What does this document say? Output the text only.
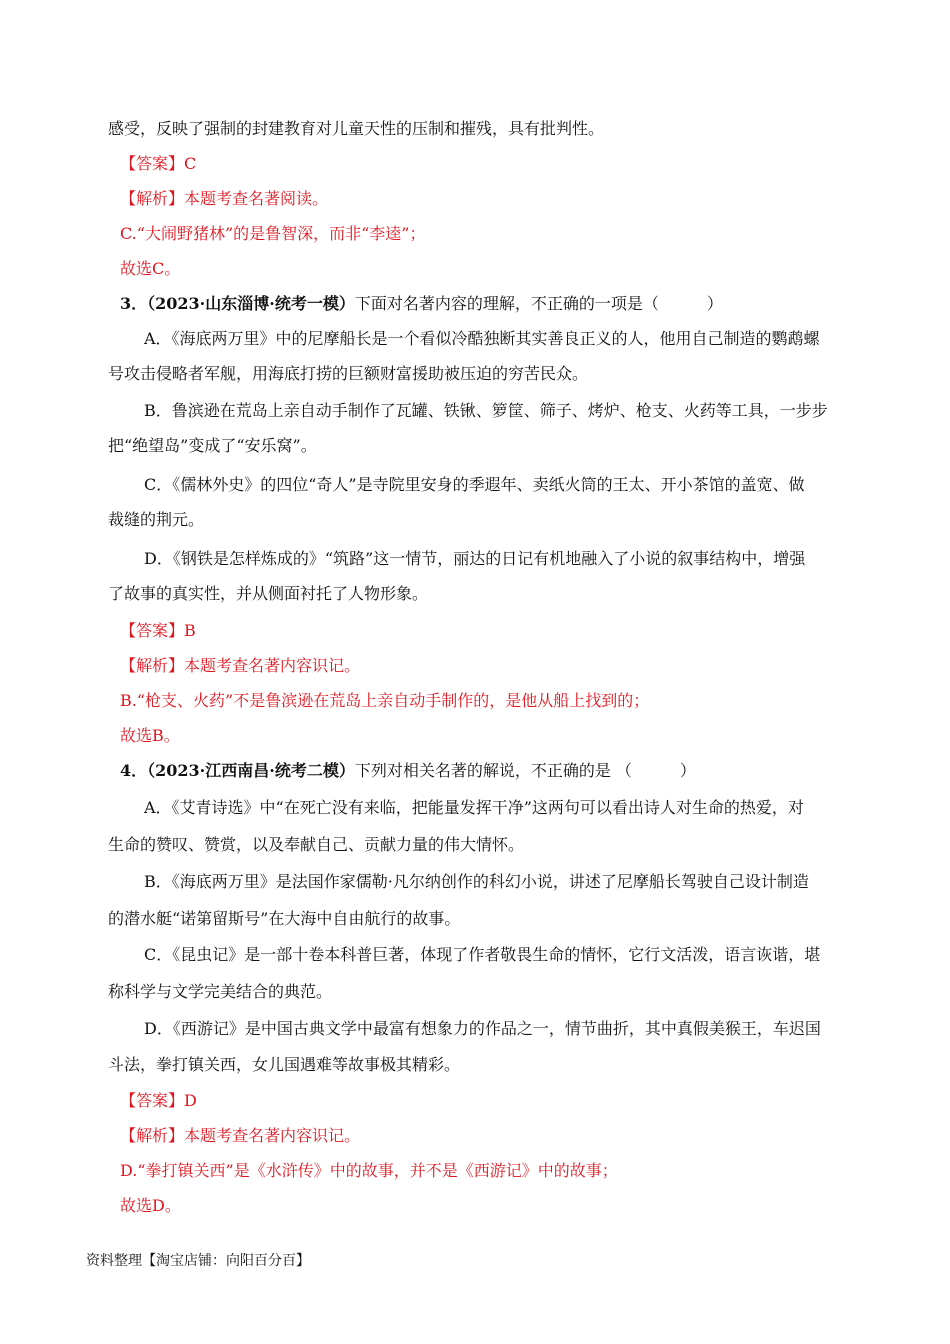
感受，反映了强制的封建教育对儿童天性的压制和摧残，具有批判性。
【答案】C
【解析】本题考查名著阅读。
C.“大闹野猪林”的是鲁智深，而非“李逵”；
故选C。
3．（2023·山东淄博·统考一模）下面对名著内容的理解，不正确的一项是（　　　）
A．《海底两万里》中的尼摩船长是一个看似冷酷独断其实善良正义的人，他用自己制造的鹦鹉螺
号攻击侵略者军舰，用海底打捞的巨额财富援助被压迫的穷苦民众。
B．鲁滨逊在荒岛上亲自动手制作了瓦罐、铁锹、箩筐、筛子、烤炉、枪支、火药等工具，一步步
把“绝望岛”变成了“安乐窝”。
C．《儒林外史》的四位“奇人”是寺院里安身的季遐年、卖纸火筒的王太、开小茶馆的盖宽、做
裁缝的荆元。
D．《钢铁是怎样炼成的》“筑路”这一情节，丽达的日记有机地融入了小说的叙事结构中，增强
了故事的真实性，并从侧面衬托了人物形象。
【答案】B
【解析】本题考查名著内容识记。
B.“枪支、火药”不是鲁滨逊在荒岛上亲自动手制作的，是他从船上找到的；
故选B。
4．（2023·江西南昌·统考二模）下列对相关名著的解说，不正确的是 （　　　）
A．《艾青诗选》中“在死亡没有来临，把能量发挥干净”这两句可以看出诗人对生命的热爱，对
生命的赞叹、赞赏，以及奉献自己、贡献力量的伟大情怀。
B．《海底两万里》是法国作家儒勒·凡尔纳创作的科幻小说，讲述了尼摩船长驾驶自己设计制造
的潜水艇“诺第留斯号”在大海中自由航行的故事。
C．《昆虫记》是一部十卷本科普巨著，体现了作者敬畏生命的情怀，它行文活泼，语言诙谐，堪
称科学与文学完美结合的典范。
D．《西游记》是中国古典文学中最富有想象力的作品之一，情节曲折，其中真假美猴王，车迟国
斗法，拳打镇关西，女儿国遇难等故事极其精彩。
【答案】D
【解析】本题考查名著内容识记。
D.“拳打镇关西”是《水浒传》中的故事，并不是《西游记》中的故事；
故选D。
资料整理【淘宝店铺：向阳百分百】
